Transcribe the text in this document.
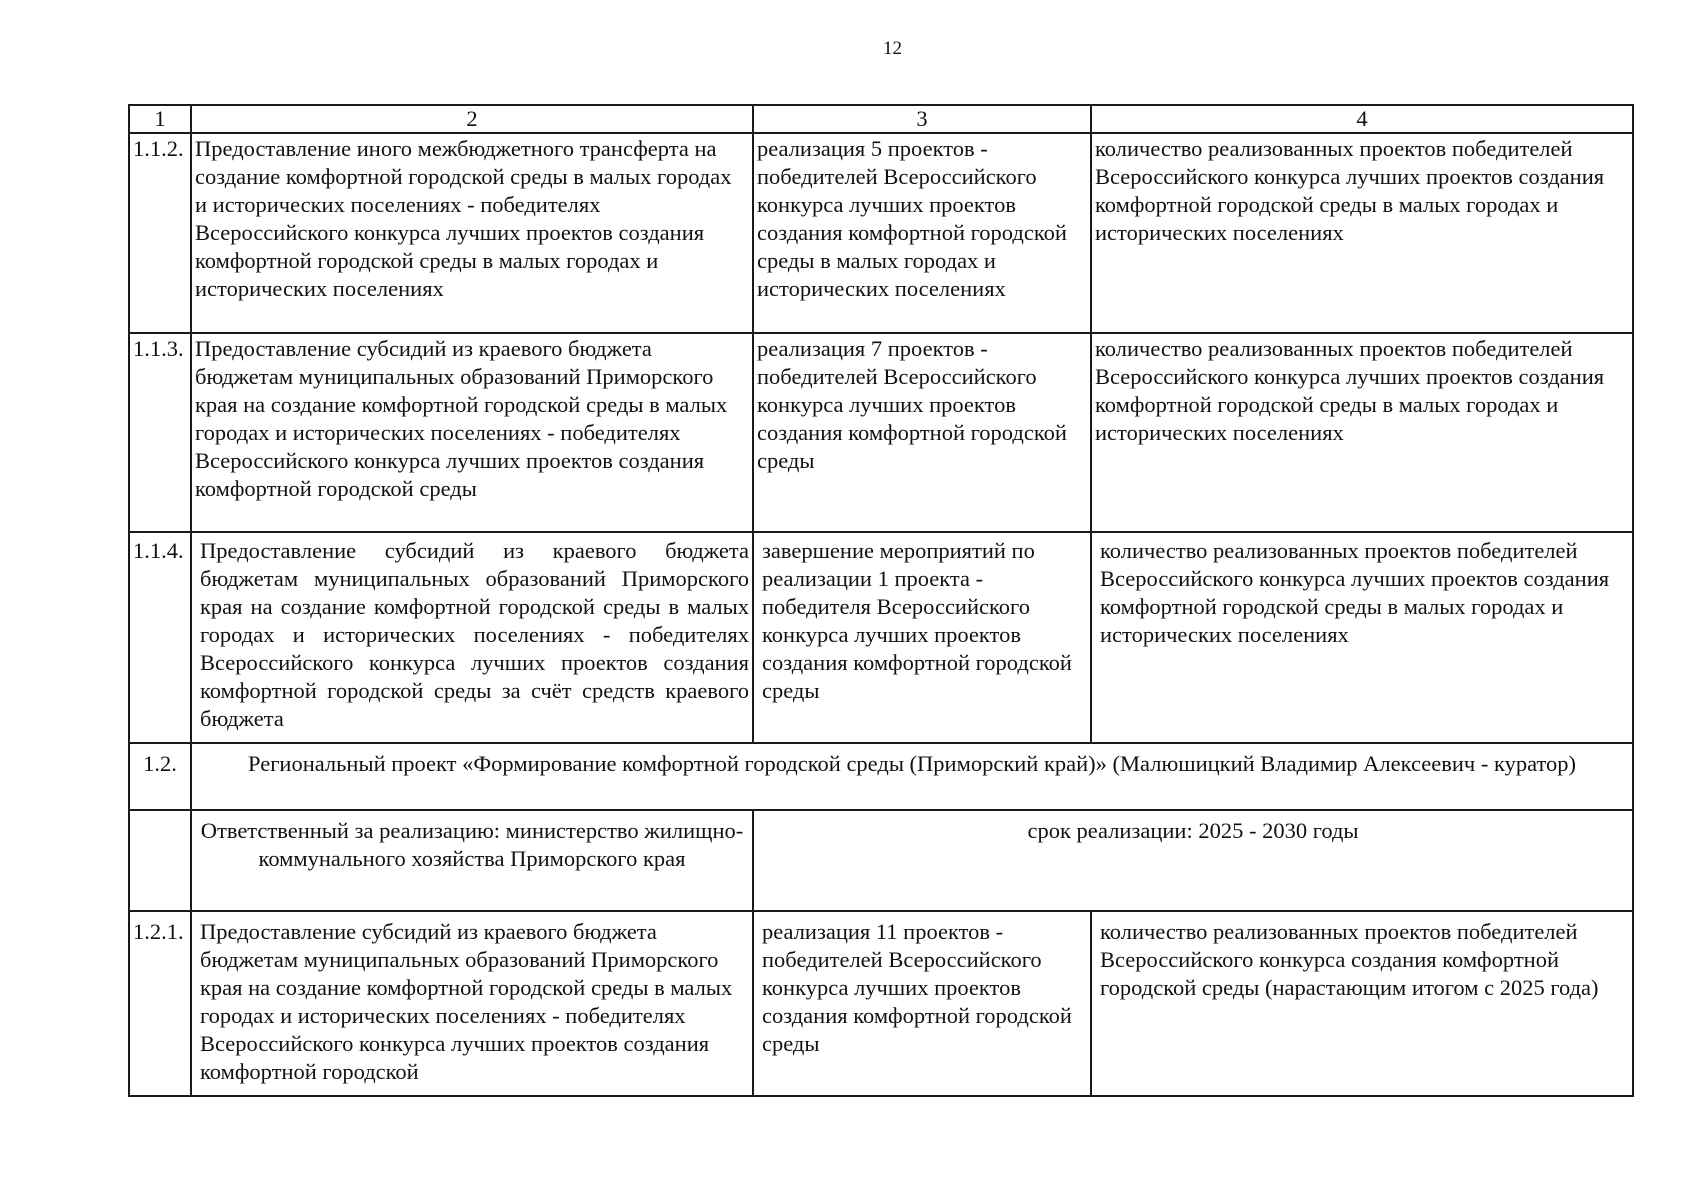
12
1	2	3	4
1.1.2.	Предоставление иного межбюджетного трансферта на создание комфортной городской среды в малых городах и исторических поселениях - победителях Всероссийского конкурса лучших проектов создания комфортной городской среды в малых городах и исторических поселениях	реализация 5 проектов - победителей Всероссийского конкурса лучших проектов создания комфортной городской среды в малых городах и исторических поселениях	количество реализованных проектов победителей Всероссийского конкурса лучших проектов создания комфортной городской среды в малых городах и исторических поселениях
1.1.3.	Предоставление субсидий из краевого бюджета бюджетам муниципальных образований Приморского края на создание комфортной городской среды в малых городах и исторических поселениях - победителях Всероссийского конкурса лучших проектов создания комфортной городской среды	реализация 7 проектов - победителей Всероссийского конкурса лучших проектов создания комфортной городской среды	количество реализованных проектов победителей Всероссийского конкурса лучших проектов создания комфортной городской среды в малых городах и исторических поселениях
1.1.4.	Предоставление субсидий из краевого бюджета бюджетам муниципальных образований Приморского края на создание комфортной городской среды в малых городах и исторических поселениях - победителях Всероссийского конкурса лучших проектов создания комфортной городской среды за счёт средств краевого бюджета	завершение мероприятий по реализации 1 проекта - победителя Всероссийского конкурса лучших проектов создания комфортной городской среды	количество реализованных проектов победителей Всероссийского конкурса лучших проектов создания комфортной городской среды в малых городах и исторических поселениях
1.2.	Региональный проект «Формирование комфортной городской среды (Приморский край)» (Малюшицкий Владимир Алексеевич - куратор)		
	Ответственный за реализацию: министерство жилищно-коммунального хозяйства Приморского края	срок реализации: 2025 - 2030 годы	
1.2.1.	Предоставление субсидий из краевого бюджета бюджетам муниципальных образований Приморского края на создание комфортной городской среды в малых городах и исторических поселениях - победителях Всероссийского конкурса лучших проектов создания комфортной городской	реализация 11 проектов - победителей Всероссийского конкурса лучших проектов создания комфортной городской среды	количество реализованных проектов победителей Всероссийского конкурса создания комфортной городской среды (нарастающим итогом с 2025 года)
